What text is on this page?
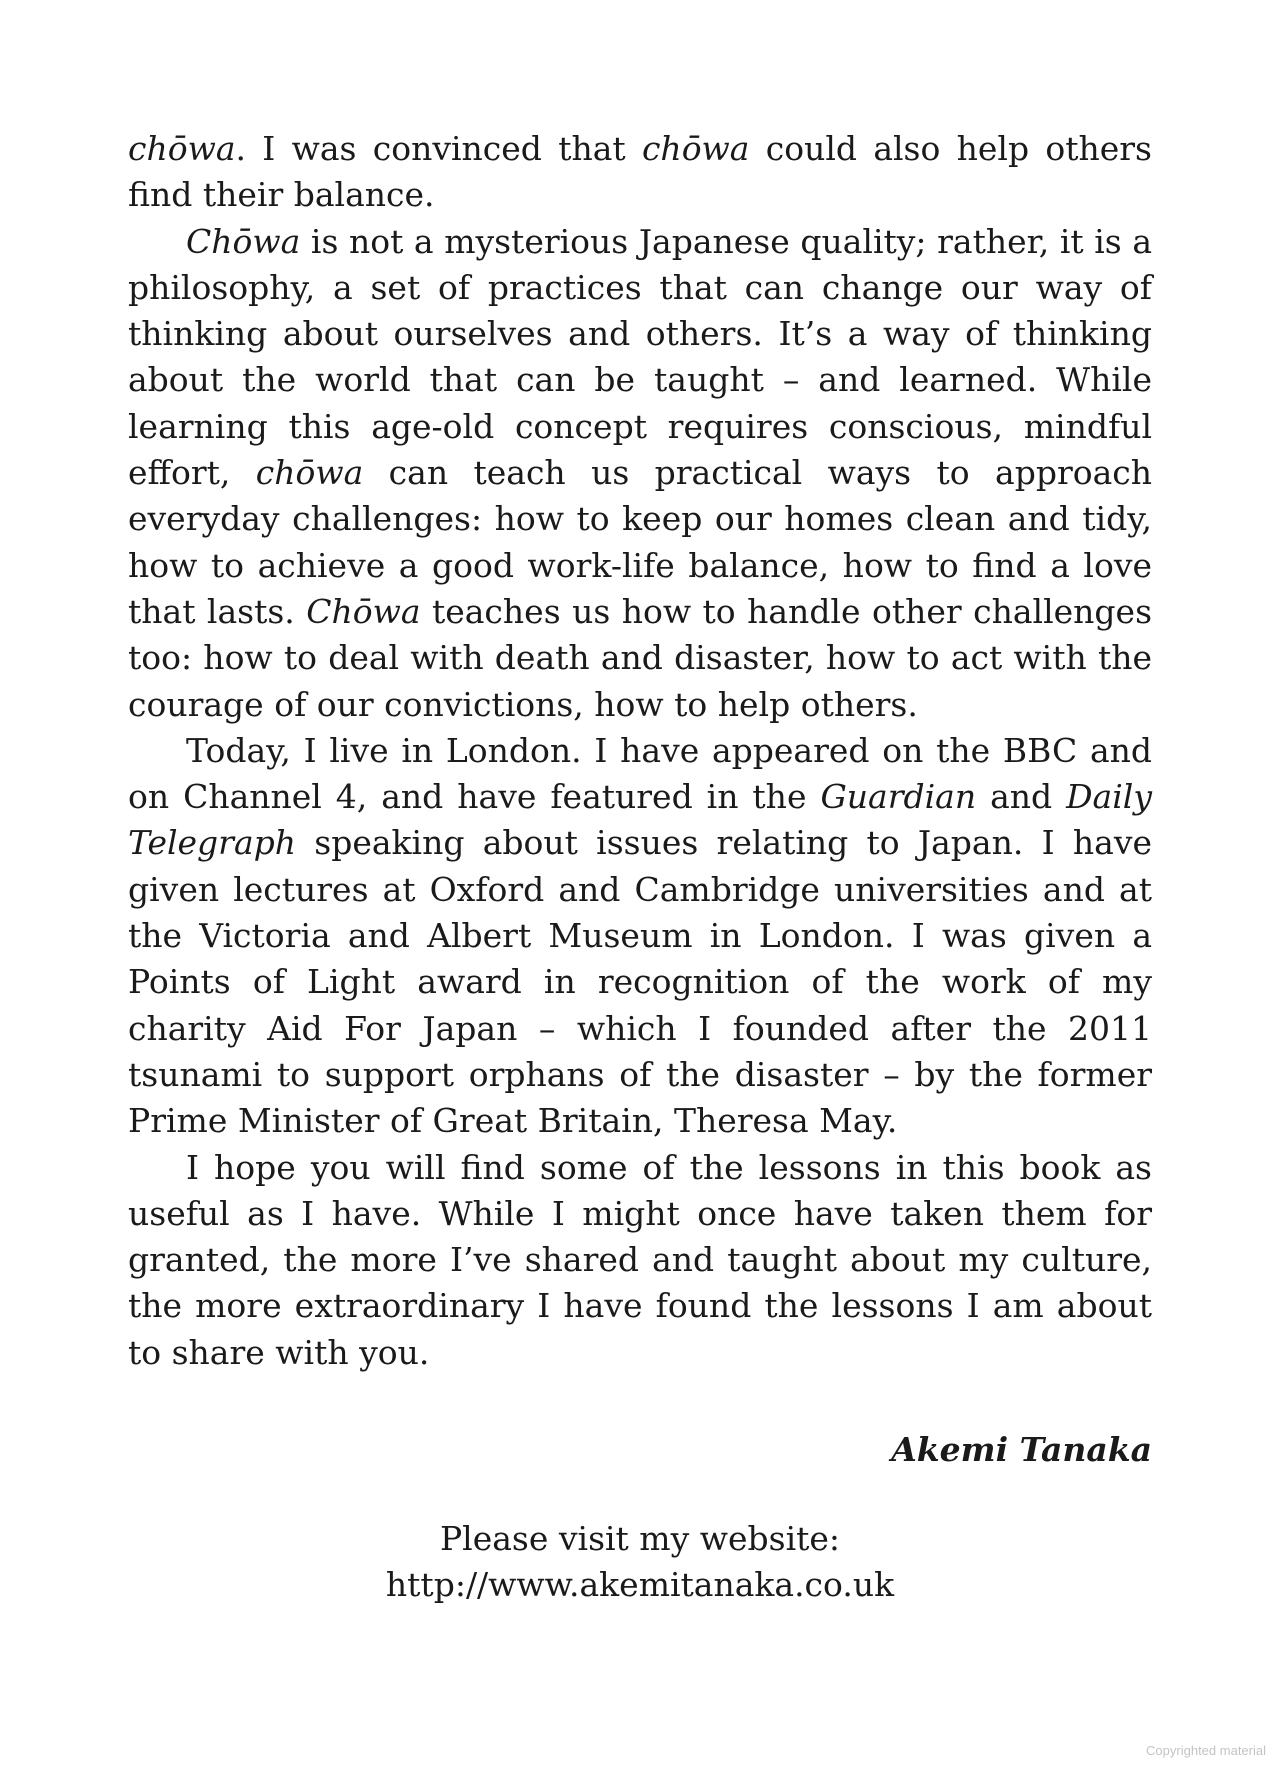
chōwa. I was convinced that chōwa could also help others find their balance.

Chōwa is not a mysterious Japanese quality; rather, it is a philosophy, a set of practices that can change our way of thinking about ourselves and others. It’s a way of thinking about the world that can be taught – and learned. While learning this age-old concept requires conscious, mindful effort, chōwa can teach us practical ways to approach everyday challenges: how to keep our homes clean and tidy, how to achieve a good work-life balance, how to find a love that lasts. Chōwa teaches us how to handle other challenges too: how to deal with death and disaster, how to act with the courage of our convictions, how to help others.

Today, I live in London. I have appeared on the BBC and on Channel 4, and have featured in the Guardian and Daily Telegraph speaking about issues relating to Japan. I have given lectures at Oxford and Cambridge universities and at the Victoria and Albert Museum in London. I was given a Points of Light award in recognition of the work of my charity Aid For Japan – which I founded after the 2011 tsunami to support orphans of the disaster – by the former Prime Minister of Great Britain, Theresa May.

I hope you will find some of the lessons in this book as useful as I have. While I might once have taken them for granted, the more I’ve shared and taught about my culture, the more extraordinary I have found the lessons I am about to share with you.

Akemi Tanaka

Please visit my website:

http://www.akemitanaka.co.uk

Copyrighted material
